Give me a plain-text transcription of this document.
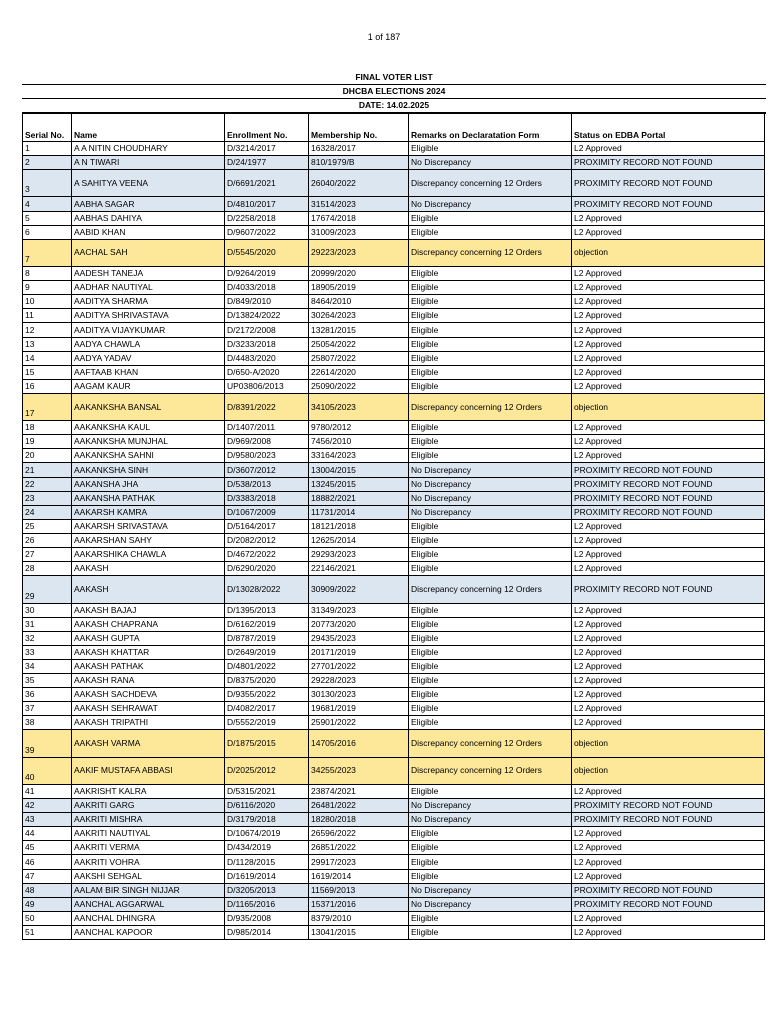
1 of 187
FINAL VOTER LIST
DHCBA ELECTIONS 2024
DATE: 14.02.2025
Serial No.	Name	Enrollment No.	Membership No.	Remarks on Declaratation Form	Status on EDBA Portal
1	A A NITIN CHOUDHARY	D/3214/2017	16328/2017	Eligible	L2 Approved
2	A N TIWARI	D/24/1977	810/1979/B	No Discrepancy	PROXIMITY RECORD NOT FOUND
3	A SAHITYA VEENA	D/6691/2021	26040/2022	Discrepancy concerning 12 Orders	PROXIMITY RECORD NOT FOUND
4	AABHA SAGAR	D/4810/2017	31514/2023	No Discrepancy	PROXIMITY RECORD NOT FOUND
5	AABHAS DAHIYA	D/2258/2018	17674/2018	Eligible	L2 Approved
6	AABID KHAN	D/9607/2022	31009/2023	Eligible	L2 Approved
7	AACHAL SAH	D/5545/2020	29223/2023	Discrepancy concerning 12 Orders	objection
8	AADESH TANEJA	D/9264/2019	20999/2020	Eligible	L2 Approved
9	AADHAR NAUTIYAL	D/4033/2018	18905/2019	Eligible	L2 Approved
10	AADITYA SHARMA	D/849/2010	8464/2010	Eligible	L2 Approved
11	AADITYA SHRIVASTAVA	D/13824/2022	30264/2023	Eligible	L2 Approved
12	AADITYA VIJAYKUMAR	D/2172/2008	13281/2015	Eligible	L2 Approved
13	AADYA CHAWLA	D/3233/2018	25054/2022	Eligible	L2 Approved
14	AADYA YADAV	D/4483/2020	25807/2022	Eligible	L2 Approved
15	AAFTAAB KHAN	D/650-A/2020	22614/2020	Eligible	L2 Approved
16	AAGAM KAUR	UP03806/2013	25090/2022	Eligible	L2 Approved
17	AAKANKSHA BANSAL	D/8391/2022	34105/2023	Discrepancy concerning 12 Orders	objection
18	AAKANKSHA KAUL	D/1407/2011	9780/2012	Eligible	L2 Approved
19	AAKANKSHA MUNJHAL	D/969/2008	7456/2010	Eligible	L2 Approved
20	AAKANKSHA SAHNI	D/9580/2023	33164/2023	Eligible	L2 Approved
21	AAKANKSHA SINH	D/3607/2012	13004/2015	No Discrepancy	PROXIMITY RECORD NOT FOUND
22	AAKANSHA JHA	D/538/2013	13245/2015	No Discrepancy	PROXIMITY RECORD NOT FOUND
23	AAKANSHA PATHAK	D/3383/2018	18882/2021	No Discrepancy	PROXIMITY RECORD NOT FOUND
24	AAKARSH KAMRA	D/1067/2009	11731/2014	No Discrepancy	PROXIMITY RECORD NOT FOUND
25	AAKARSH SRIVASTAVA	D/5164/2017	18121/2018	Eligible	L2 Approved
26	AAKARSHAN SAHY	D/2082/2012	12625/2014	Eligible	L2 Approved
27	AAKARSHIKA CHAWLA	D/4672/2022	29293/2023	Eligible	L2 Approved
28	AAKASH	D/6290/2020	22146/2021	Eligible	L2 Approved
29	AAKASH	D/13028/2022	30909/2022	Discrepancy concerning 12 Orders	PROXIMITY RECORD NOT FOUND
30	AAKASH BAJAJ	D/1395/2013	31349/2023	Eligible	L2 Approved
31	AAKASH CHAPRANA	D/6162/2019	20773/2020	Eligible	L2 Approved
32	AAKASH GUPTA	D/8787/2019	29435/2023	Eligible	L2 Approved
33	AAKASH KHATTAR	D/2649/2019	20171/2019	Eligible	L2 Approved
34	AAKASH PATHAK	D/4801/2022	27701/2022	Eligible	L2 Approved
35	AAKASH RANA	D/8375/2020	29228/2023	Eligible	L2 Approved
36	AAKASH SACHDEVA	D/9355/2022	30130/2023	Eligible	L2 Approved
37	AAKASH SEHRAWAT	D/4082/2017	19681/2019	Eligible	L2 Approved
38	AAKASH TRIPATHI	D/5552/2019	25901/2022	Eligible	L2 Approved
39	AAKASH VARMA	D/1875/2015	14705/2016	Discrepancy concerning 12 Orders	objection
40	AAKIF MUSTAFA ABBASI	D/2025/2012	34255/2023	Discrepancy concerning 12 Orders	objection
41	AAKRISHT KALRA	D/5315/2021	23874/2021	Eligible	L2 Approved
42	AAKRITI GARG	D/6116/2020	26481/2022	No Discrepancy	PROXIMITY RECORD NOT FOUND
43	AAKRITI MISHRA	D/3179/2018	18280/2018	No Discrepancy	PROXIMITY RECORD NOT FOUND
44	AAKRITI NAUTIYAL	D/10674/2019	26596/2022	Eligible	L2 Approved
45	AAKRITI VERMA	D/434/2019	26851/2022	Eligible	L2 Approved
46	AAKRITI VOHRA	D/1128/2015	29917/2023	Eligible	L2 Approved
47	AAKSHI SEHGAL	D/1619/2014	1619/2014	Eligible	L2 Approved
48	AALAM BIR SINGH NIJJAR	D/3205/2013	11569/2013	No Discrepancy	PROXIMITY RECORD NOT FOUND
49	AANCHAL AGGARWAL	D/1165/2016	15371/2016	No Discrepancy	PROXIMITY RECORD NOT FOUND
50	AANCHAL DHINGRA	D/935/2008	8379/2010	Eligible	L2 Approved
51	AANCHAL KAPOOR	D/985/2014	13041/2015	Eligible	L2 Approved
